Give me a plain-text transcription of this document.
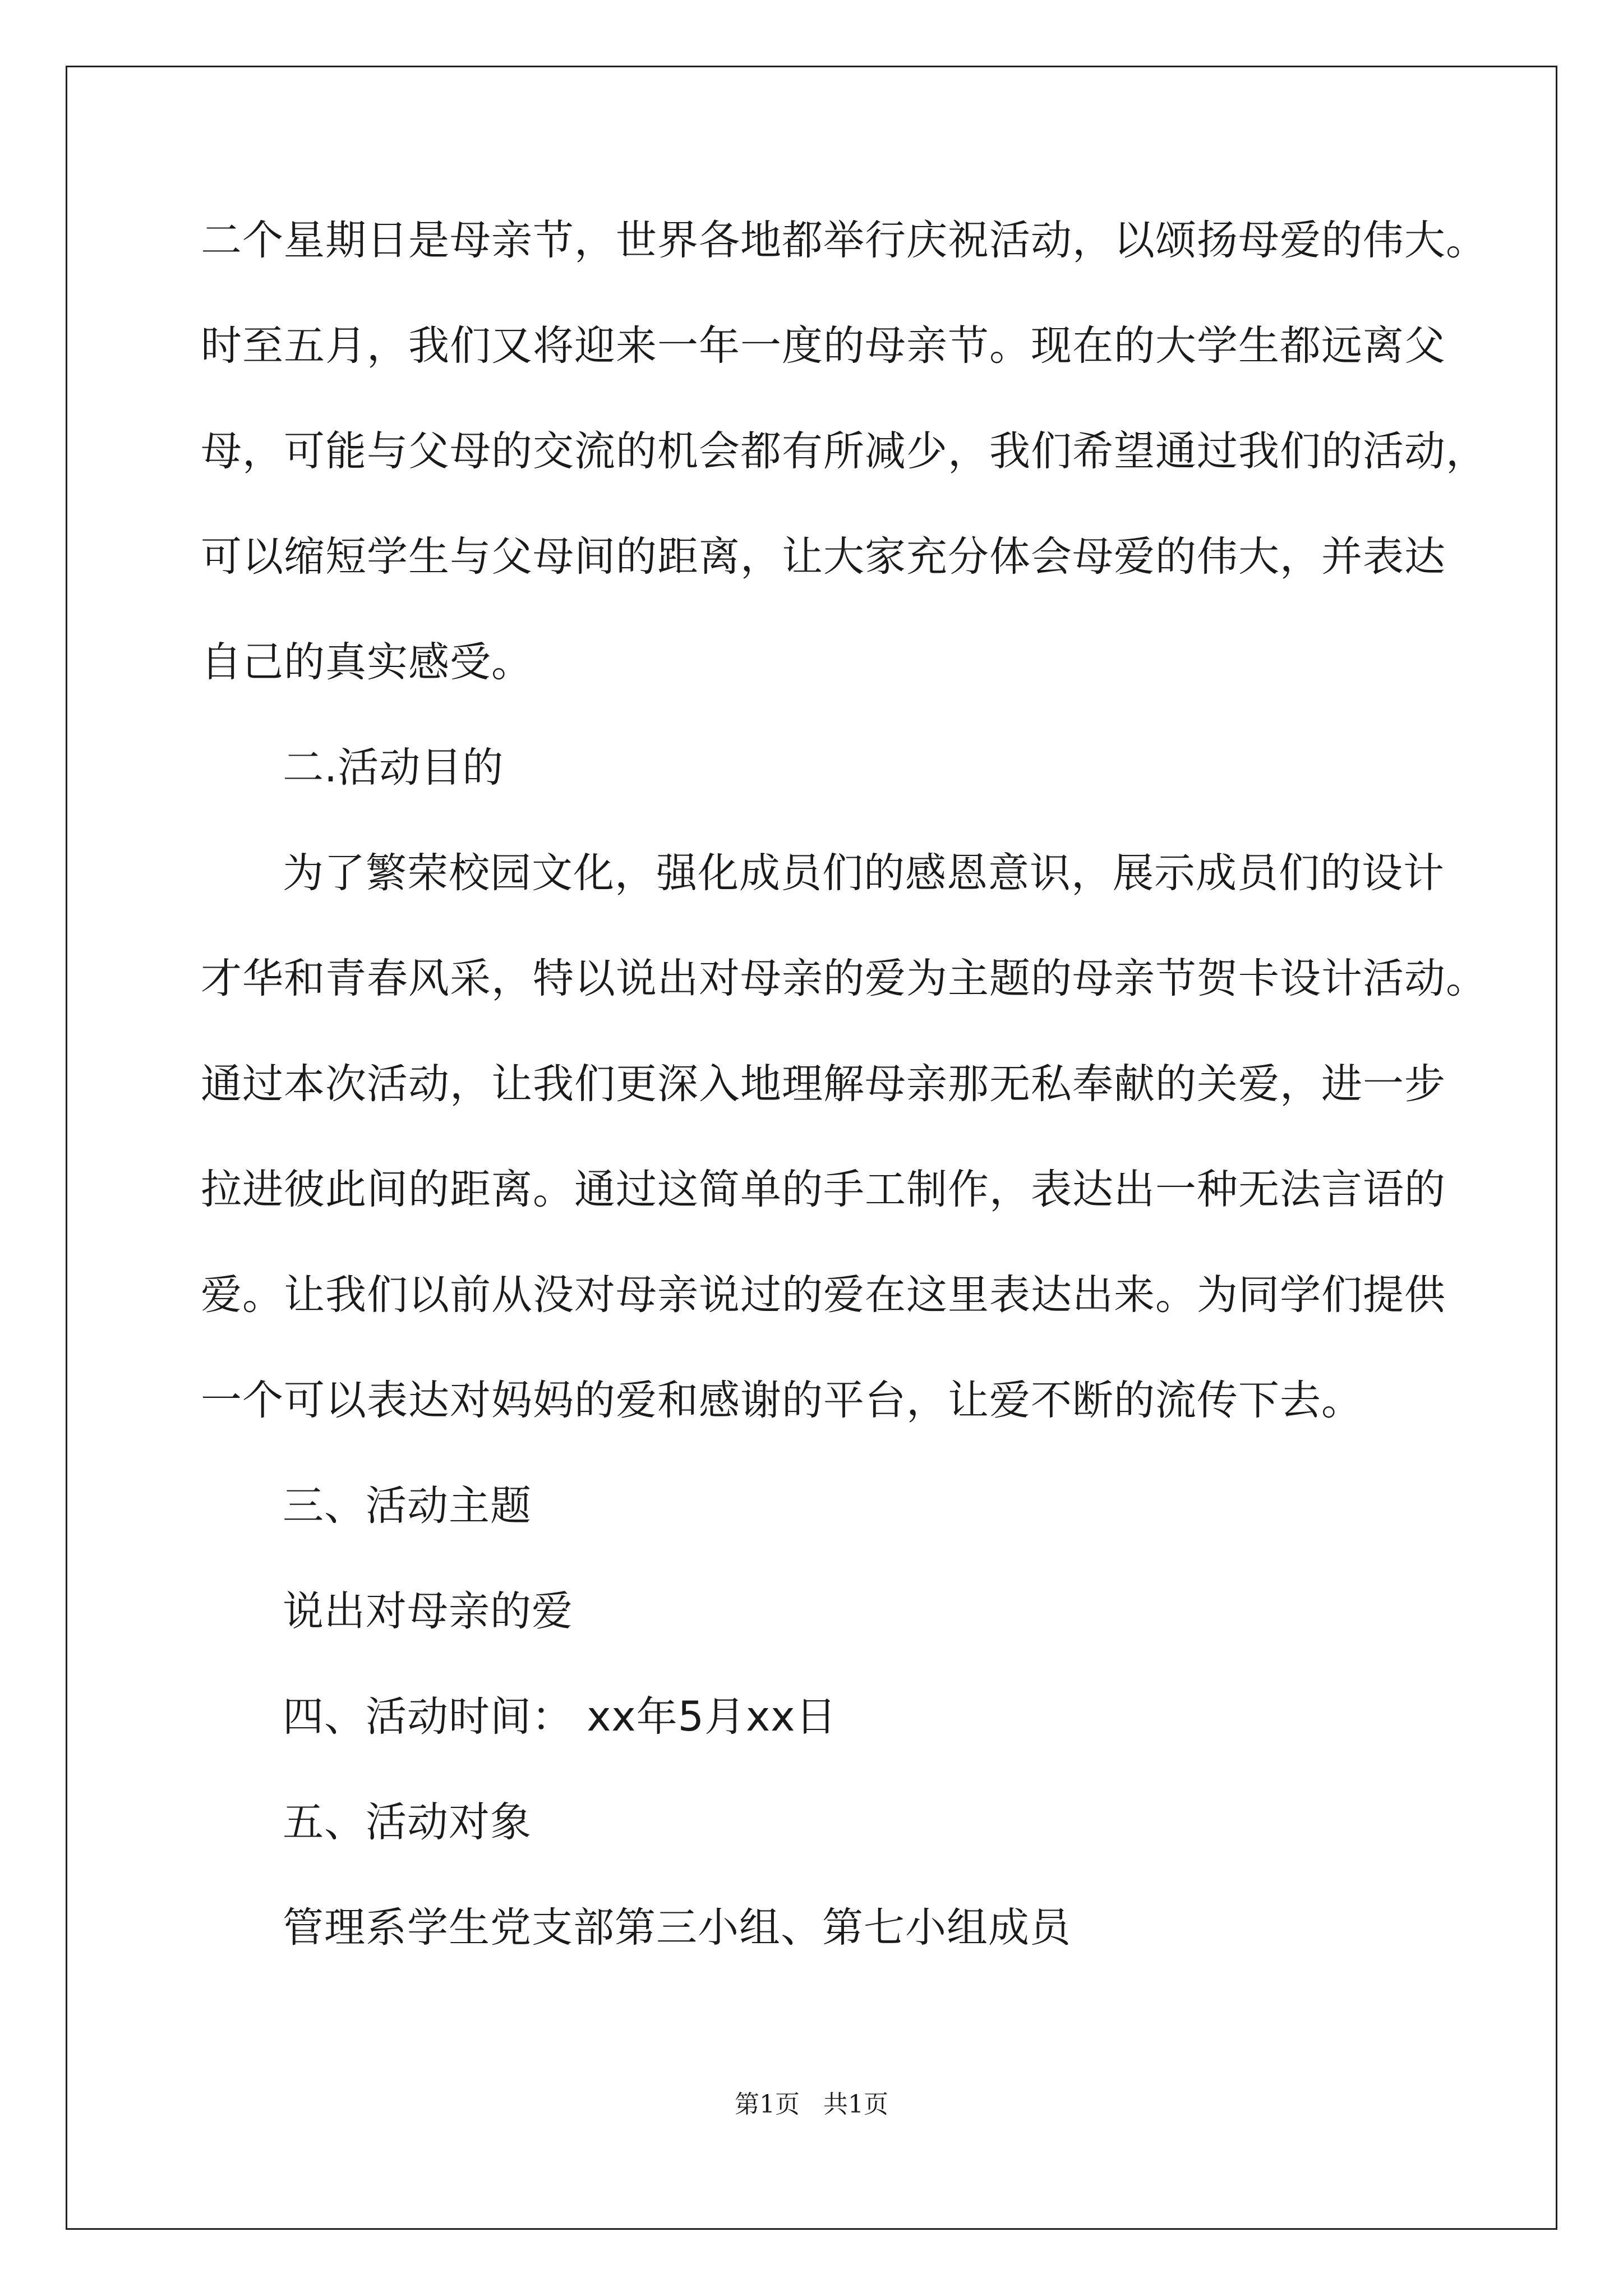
二个星期日是母亲节，世界各地都举行庆祝活动，以颂扬母爱的伟大。
时至五月，我们又将迎来一年一度的母亲节。现在的大学生都远离父
母，可能与父母的交流的机会都有所减少，我们希望通过我们的活动，
可以缩短学生与父母间的距离，让大家充分体会母爱的伟大，并表达
自己的真实感受。
二.活动目的
为了繁荣校园文化，强化成员们的感恩意识，展示成员们的设计
才华和青春风采，特以说出对母亲的爱为主题的母亲节贺卡设计活动。
通过本次活动，让我们更深入地理解母亲那无私奉献的关爱，进一步
拉进彼此间的距离。通过这简单的手工制作，表达出一种无法言语的
爱。让我们以前从没对母亲说过的爱在这里表达出来。为同学们提供
一个可以表达对妈妈的爱和感谢的平台，让爱不断的流传下去。
三、活动主题
说出对母亲的爱
四、活动时间： xx年5月xx日
五、活动对象
管理系学生党支部第三小组、第七小组成员
第1页   共1页
